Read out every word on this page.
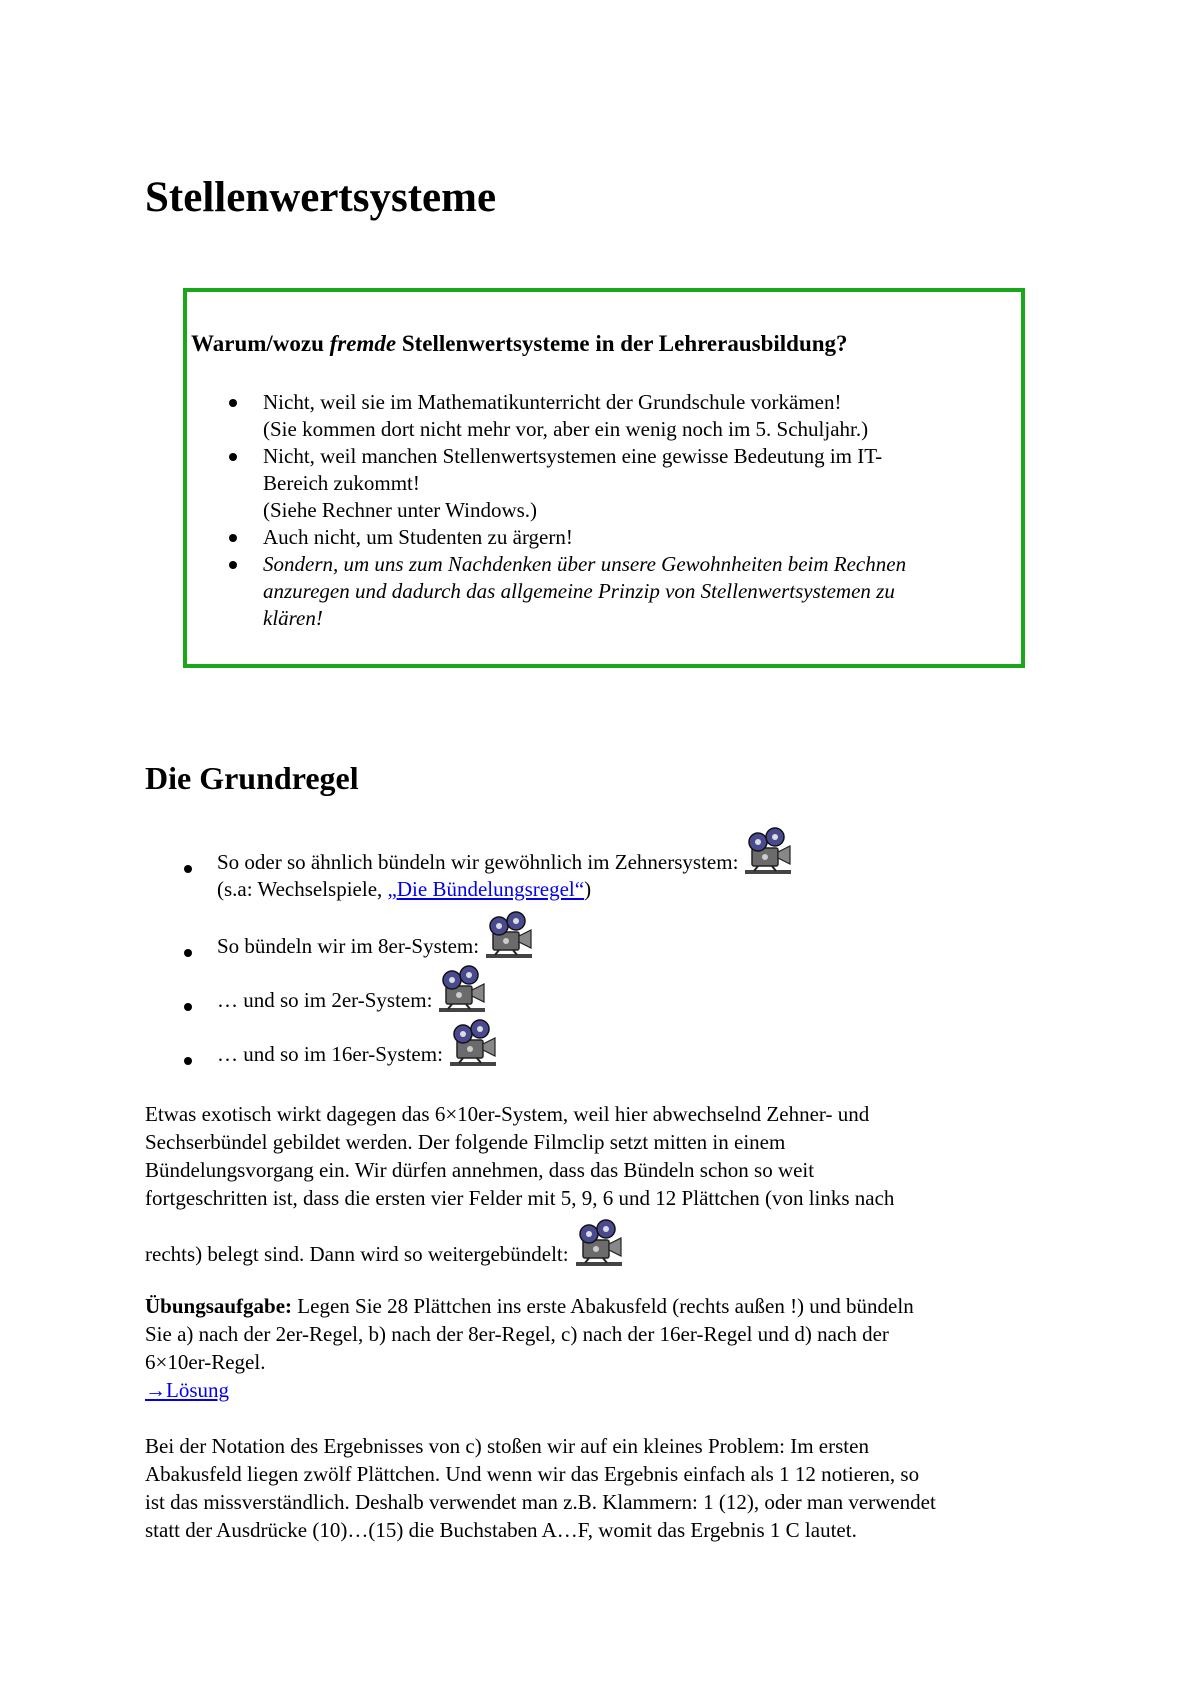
Stellenwertsysteme

Warum/wozu fremde Stellenwertsysteme in der Lehrerausbildung?

Nicht, weil sie im Mathematikunterricht der Grundschule vorkämen!
(Sie kommen dort nicht mehr vor, aber ein wenig noch im 5. Schuljahr.)
Nicht, weil manchen Stellenwertsystemen eine gewisse Bedeutung im IT-
Bereich zukommt!
(Siehe Rechner unter Windows.)
Auch nicht, um Studenten zu ärgern!
Sondern, um uns zum Nachdenken über unsere Gewohnheiten beim Rechnen
anzuregen und dadurch das allgemeine Prinzip von Stellenwertsystemen zu
klären!
Die Grundregel
So oder so ähnlich bündeln wir gewöhnlich im Zehnersystem:
(s.a: Wechselspiele, „Die Bündelungsregel“)
So bündeln wir im 8er-System:
… und so im 2er-System:
… und so im 16er-System:
Etwas exotisch wirkt dagegen das 6×10er-System, weil hier abwechselnd Zehner- und
Sechserbündel gebildet werden. Der folgende Filmclip setzt mitten in einem
Bündelungsvorgang ein. Wir dürfen annehmen, dass das Bündeln schon so weit
fortgeschritten ist, dass die ersten vier Felder mit 5, 9, 6 und 12 Plättchen (von links nach
rechts) belegt sind. Dann wird so weitergebündelt:
Übungsaufgabe: Legen Sie 28 Plättchen ins erste Abakusfeld (rechts außen !) und bündeln
Sie a) nach der 2er-Regel, b) nach der 8er-Regel, c) nach der 16er-Regel und d) nach der
6×10er-Regel.
→Lösung
Bei der Notation des Ergebnisses von c) stoßen wir auf ein kleines Problem: Im ersten
Abakusfeld liegen zwölf Plättchen. Und wenn wir das Ergebnis einfach als 1 12 notieren, so
ist das missverständlich. Deshalb verwendet man z.B. Klammern: 1 (12), oder man verwendet
statt der Ausdrücke (10)…(15) die Buchstaben A…F, womit das Ergebnis 1 C lautet.
